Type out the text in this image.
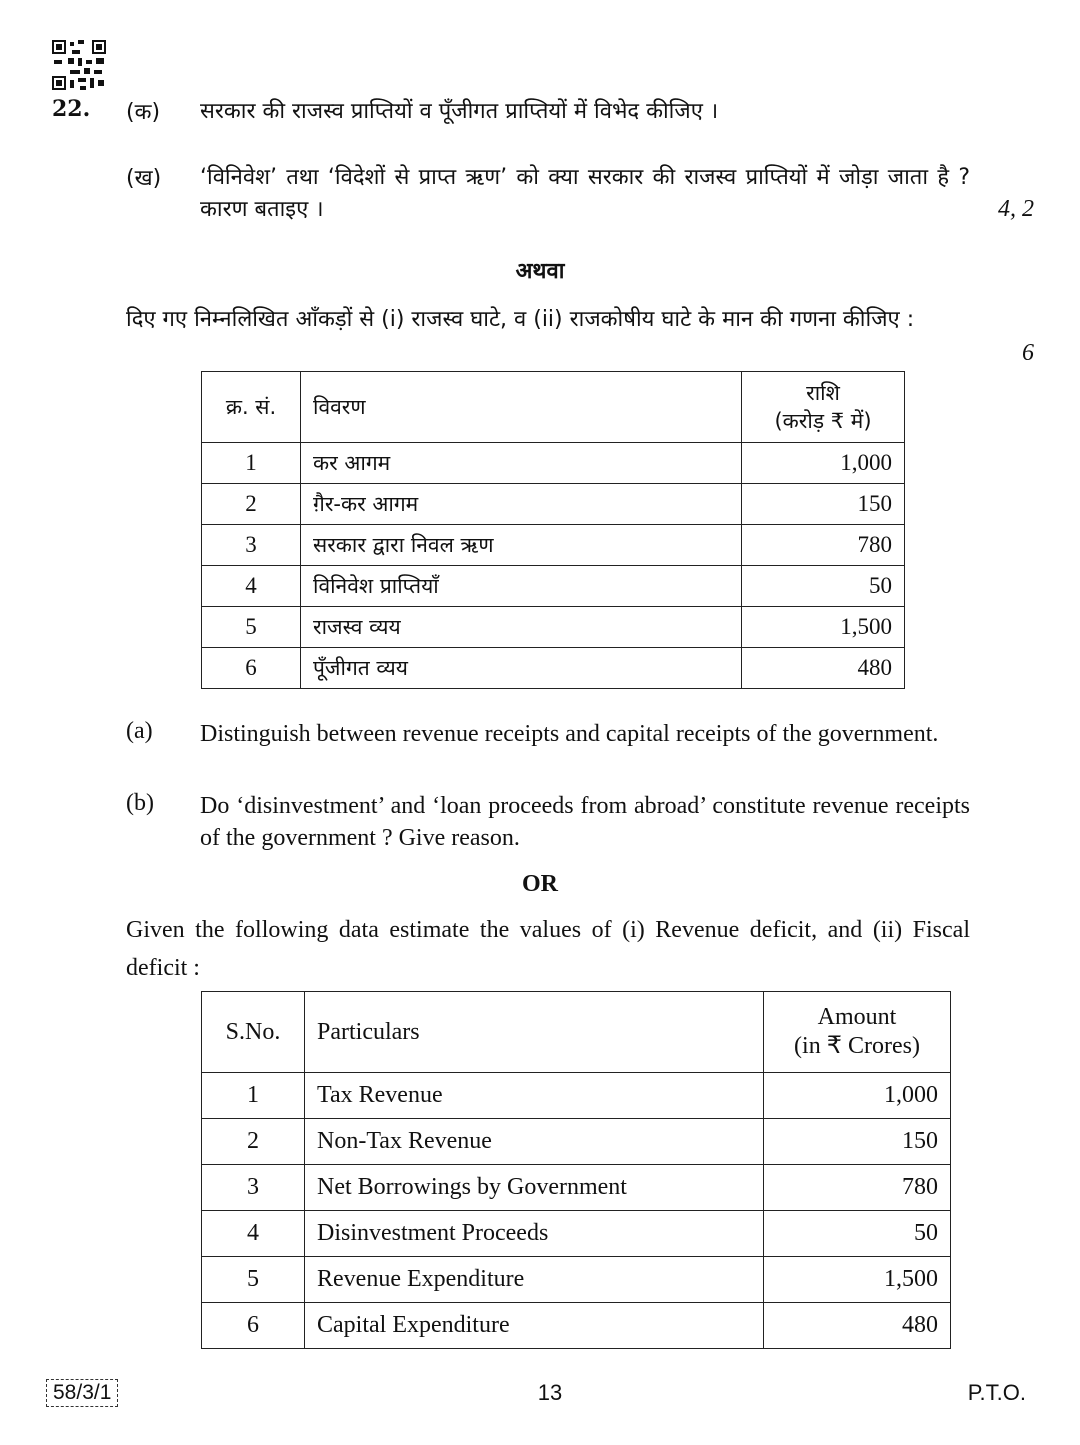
22. (क) सरकार की राजस्व प्राप्तियों व पूँजीगत प्राप्तियों में विभेद कीजिए ।
(ख) ‘विनिवेश’ तथा ‘विदेशों से प्राप्त ऋण’ को क्या सरकार की राजस्व प्राप्तियों में जोड़ा जाता है ? कारण बताइए ।	4, 2
अथवा
दिए गए निम्नलिखित आँकड़ों से (i) राजस्व घाटे, व (ii) राजकोषीय घाटे के मान की गणना कीजिए :
6
क्र. सं.	विवरण	राशि
(करोड़ ₹ में)

1	कर आगम	1,000
2	ग़ैर-कर आगम	150
3	सरकार द्वारा निवल ऋण	780
4	विनिवेश प्राप्तियाँ	50
5	राजस्व व्यय	1,500
6	पूँजीगत व्यय	480
(a) Distinguish between revenue receipts and capital receipts of the government.
(b) Do ‘disinvestment’ and ‘loan proceeds from abroad’ constitute revenue receipts of the government ? Give reason.
OR
Given the following data estimate the values of (i) Revenue deficit, and (ii) Fiscal deficit :
S.No.	Particulars	Amount
(in ₹ Crores)

1	Tax Revenue	1,000
2	Non-Tax Revenue	150
3	Net Borrowings by Government	780
4	Disinvestment Proceeds	50
5	Revenue Expenditure	1,500
6	Capital Expenditure	480
58/3/1	13	P.T.O.
